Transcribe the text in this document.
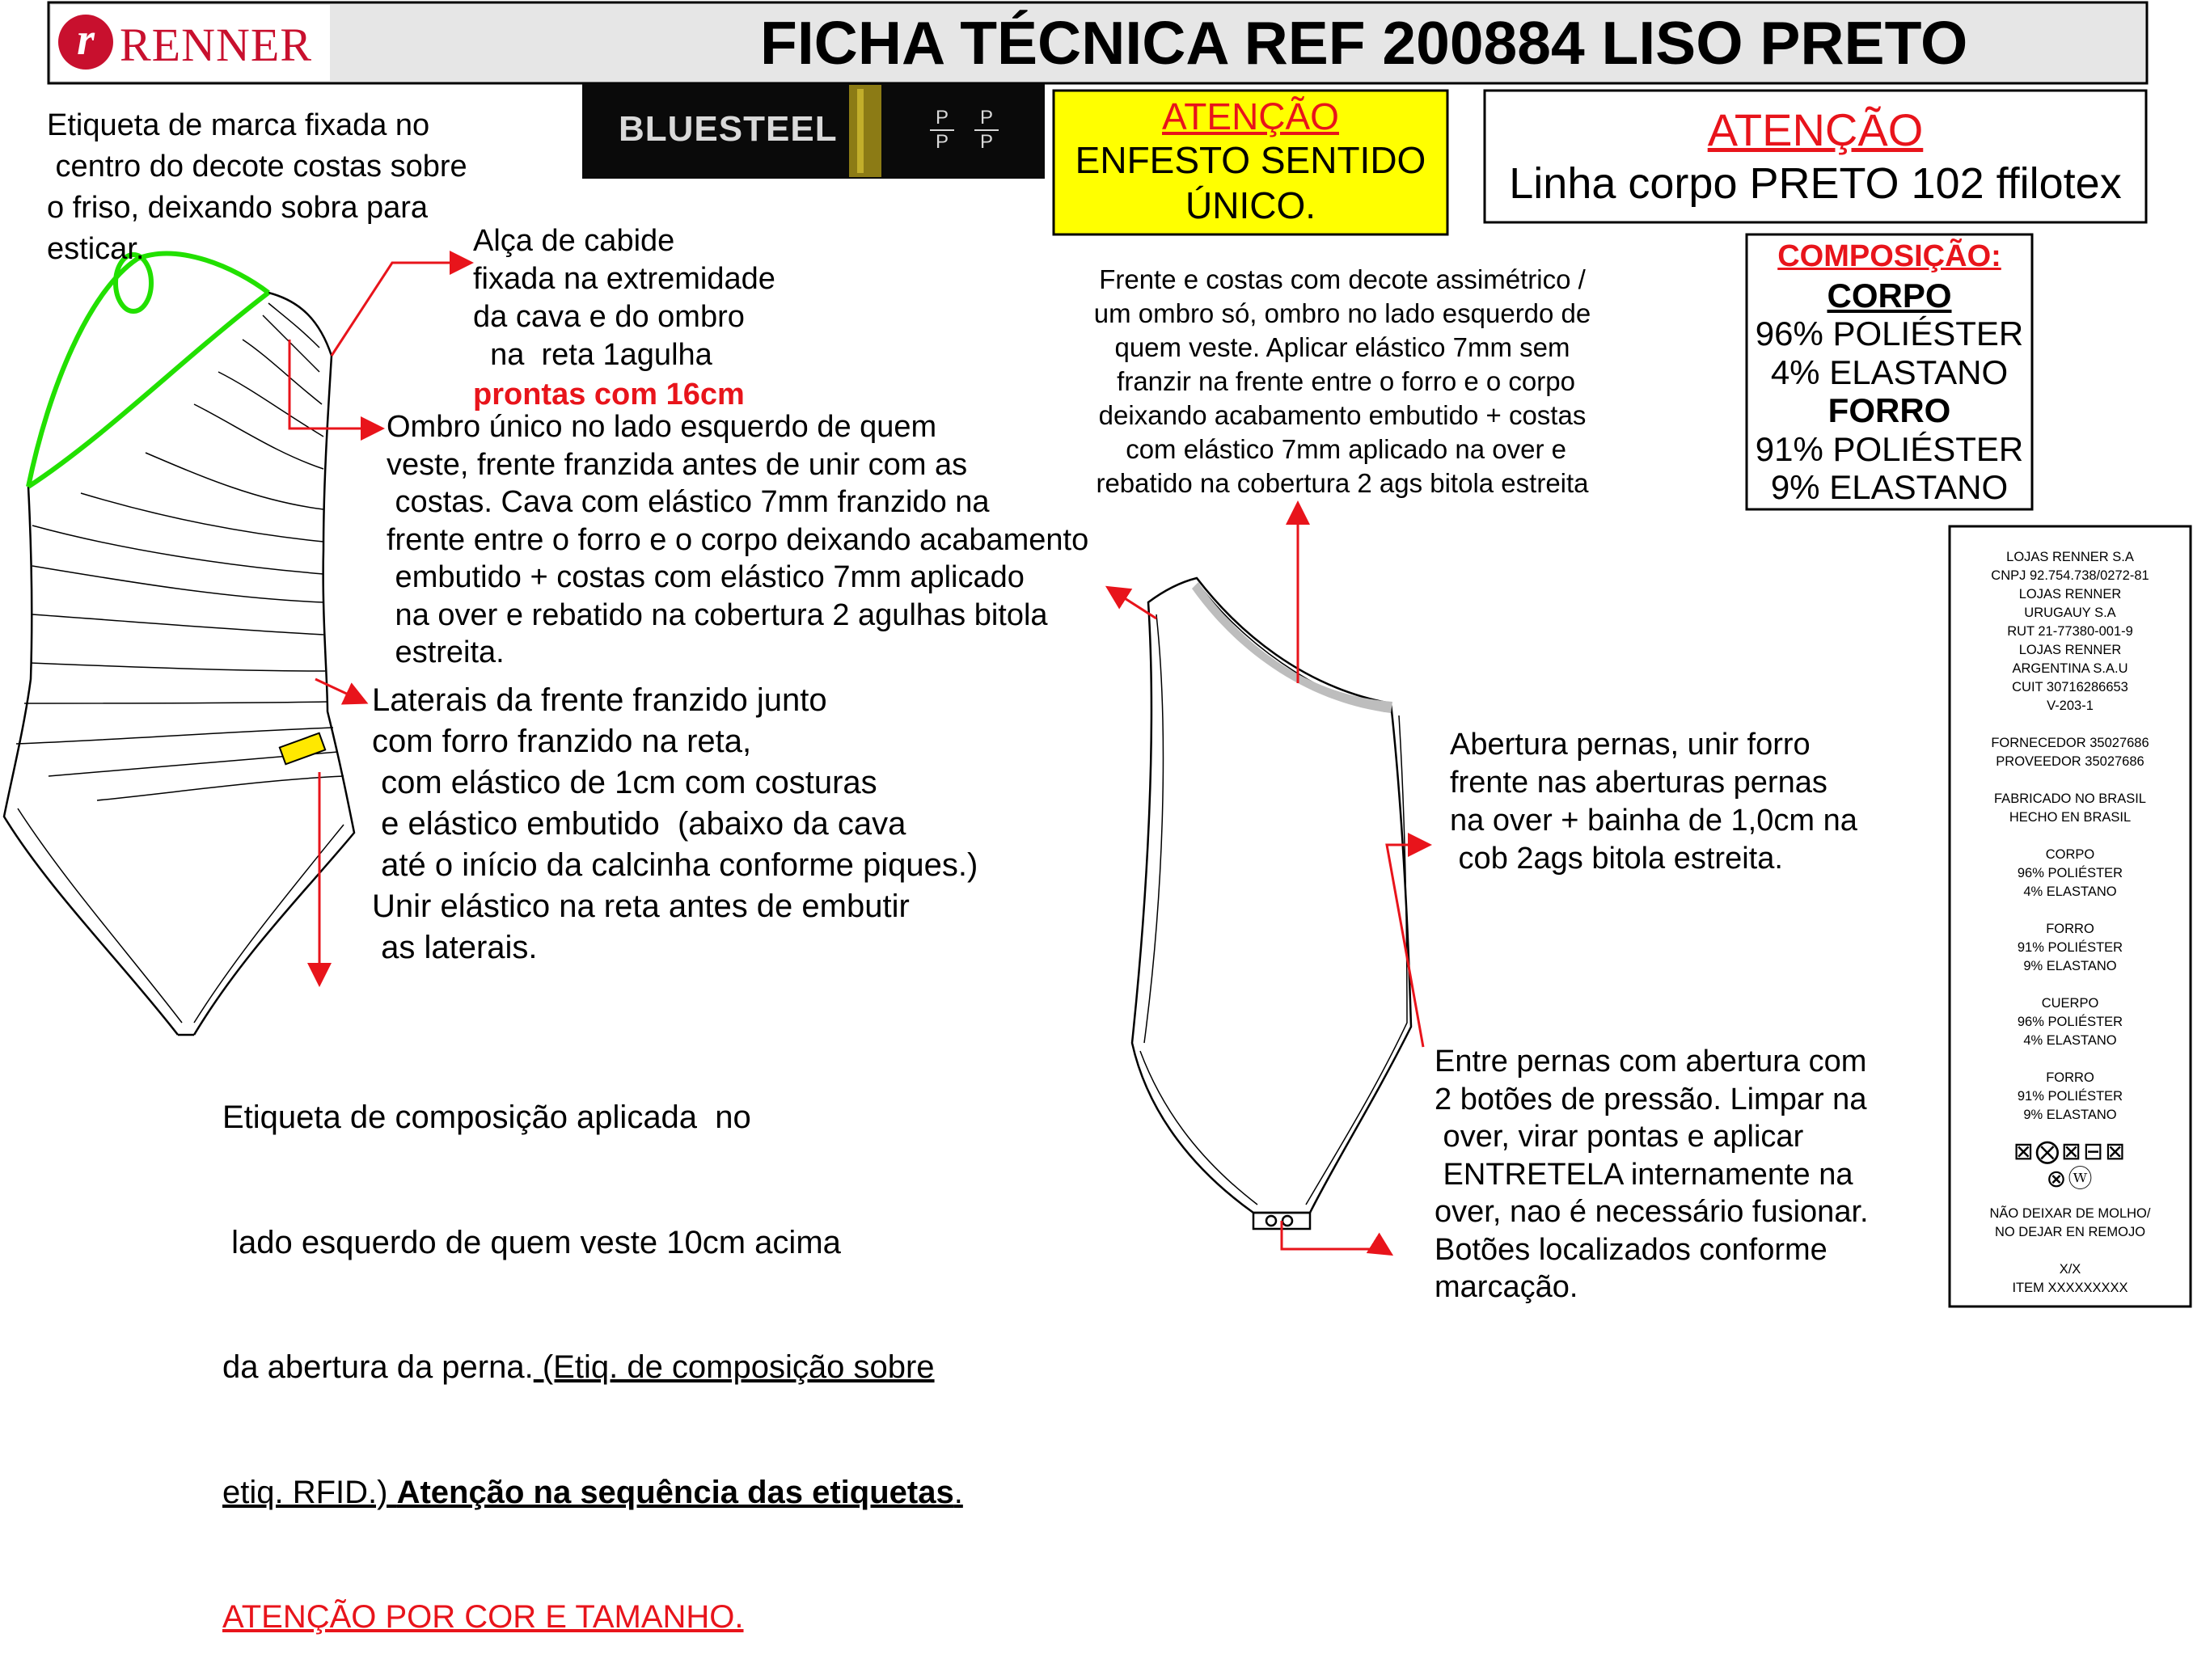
r RENNER	FICHA TÉCNICA REF 200884 LISO PRETO
BLUESTEEL	P
P
P
P
ATENÇÃO
ENFESTO SENTIDO
ÚNICO.
ATENÇÃO
Linha corpo PRETO 102 ffilotex
COMPOSIÇÃO:
CORPO
96% POLIÉSTER
4% ELASTANO
FORRO
91% POLIÉSTER
9% ELASTANO
Etiqueta de marca fixada no
centro do decote costas sobre
o friso, deixando sobra para
esticar.	Alça de cabide
fixada na extremidade
da cava e do ombro
na  reta 1agulha
prontas com 16cm
Ombro único no lado esquerdo de quem
veste, frente franzida antes de unir com as
costas. Cava com elástico 7mm franzido na
frente entre o forro e o corpo deixando acabamento
embutido + costas com elástico 7mm aplicado
na over e rebatido na cobertura 2 agulhas bitola
estreita.
Laterais da frente franzido junto
com forro franzido na reta,
com elástico de 1cm com costuras
e elástico embutido  (abaixo da cava
até o início da calcinha conforme piques.)
Unir elástico na reta antes de embutir
as laterais.

Etiqueta de composição aplicada  no

lado esquerdo de quem veste 10cm acima

da abertura da perna. (Etiq. de composição sobre

etiq. RFID.) Atenção na sequência das etiquetas.

ATENÇÃO POR COR E TAMANHO.

Frente e costas com decote assimétrico /
um ombro só, ombro no lado esquerdo de
quem veste. Aplicar elástico 7mm sem
franzir na frente entre o forro e o corpo
deixando acabamento embutido + costas
com elástico 7mm aplicado na over e
rebatido na cobertura 2 ags bitola estreita
Abertura pernas, unir forro
frente nas aberturas pernas
na over + bainha de 1,0cm na
cob 2ags bitola estreita.
Entre pernas com abertura com
2 botões de pressão. Limpar na
over, virar pontas e aplicar
ENTRETELA internamente na
over, nao é necessário fusionar.
Botões localizados conforme
marcação.
LOJAS RENNER S.A
CNPJ 92.754.738/0272-81
LOJAS RENNER
URUGAUY S.A
RUT 21-77380-001-9
LOJAS RENNER
ARGENTINA S.A.U
CUIT 30716286653
V-203-1
FORNECEDOR 35027686
PROVEEDOR 35027686
FABRICADO NO BRASIL
HECHO EN BRASIL
CORPO
96% POLIÉSTER
4% ELASTANO
FORRO
91% POLIÉSTER
9% ELASTANO
CUERPO
96% POLIÉSTER
4% ELASTANO
FORRO
91% POLIÉSTER
9% ELASTANO
⊠⨂⊠⊟⊠
⊗ⓦ
NÃO DEIXAR DE MOLHO/
NO DEJAR EN REMOJO
X/X
ITEM XXXXXXXXX
